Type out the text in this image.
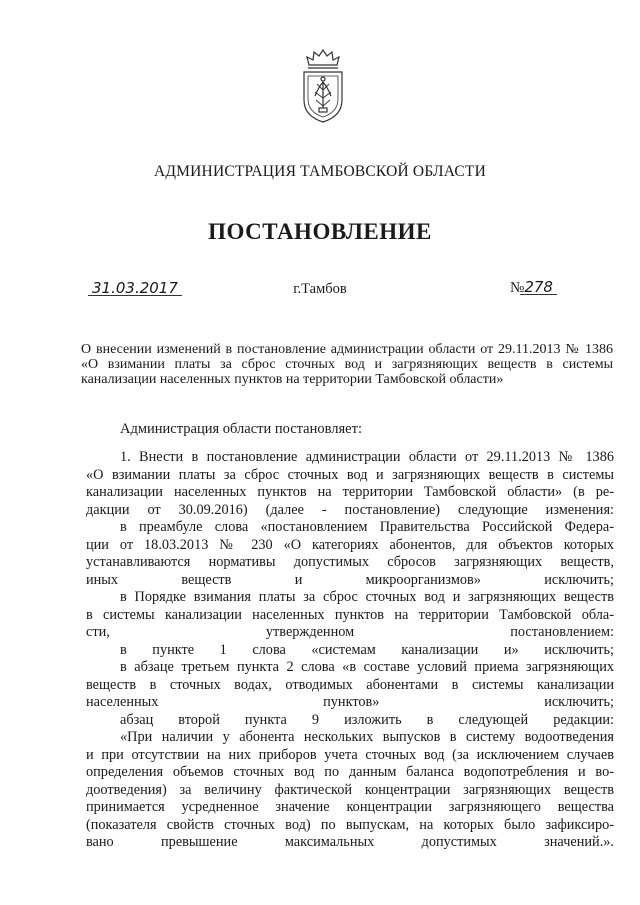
АДМИНИСТРАЦИЯ ТАМБОВСКОЙ ОБЛАСТИ
ПОСТАНОВЛЕНИЕ
31.03.2017	г.Тамбов	№278
О внесении изменений в постановление администрации области от 29.11.2013 № 1386 «О взимании платы за сброс сточных вод и загрязняющих веществ в системы канализации населенных пунктов на территории Тамбовской области»
Администрация области постановляет:
1. Внести в постановление администрации области от 29.11.2013 № 1386
«О взимании платы за сброс сточных вод и загрязняющих веществ в системы
канализации населенных пунктов на территории Тамбовской области» (в ре-
дакции от 30.09.2016) (далее - постановление) следующие изменения:
в преамбуле слова «постановлением Правительства Российской Федера-
ции от 18.03.2013 № 230 «О категориях абонентов, для объектов которых
устанавливаются нормативы допустимых сбросов загрязняющих веществ,
иных веществ и микроорганизмов» исключить;
в Порядке взимания платы за сброс сточных вод и загрязняющих веществ
в системы канализации населенных пунктов на территории Тамбовской обла-
сти, утвержденном постановлением:
в пункте 1 слова «системам канализации и» исключить;
в абзаце третьем пункта 2 слова «в составе условий приема загрязняющих
веществ в сточных водах, отводимых абонентами в системы канализации
населенных пунктов» исключить;
абзац второй пункта 9 изложить в следующей редакции:
«При наличии у абонента нескольких выпусков в систему водоотведения
и при отсутствии на них приборов учета сточных вод (за исключением случаев
определения объемов сточных вод по данным баланса водопотребления и во-
доотведения) за величину фактической концентрации загрязняющих веществ
принимается усредненное значение концентрации загрязняющего вещества
(показателя свойств сточных вод) по выпускам, на которых было зафиксиро-
вано превышение максимальных допустимых значений.».
